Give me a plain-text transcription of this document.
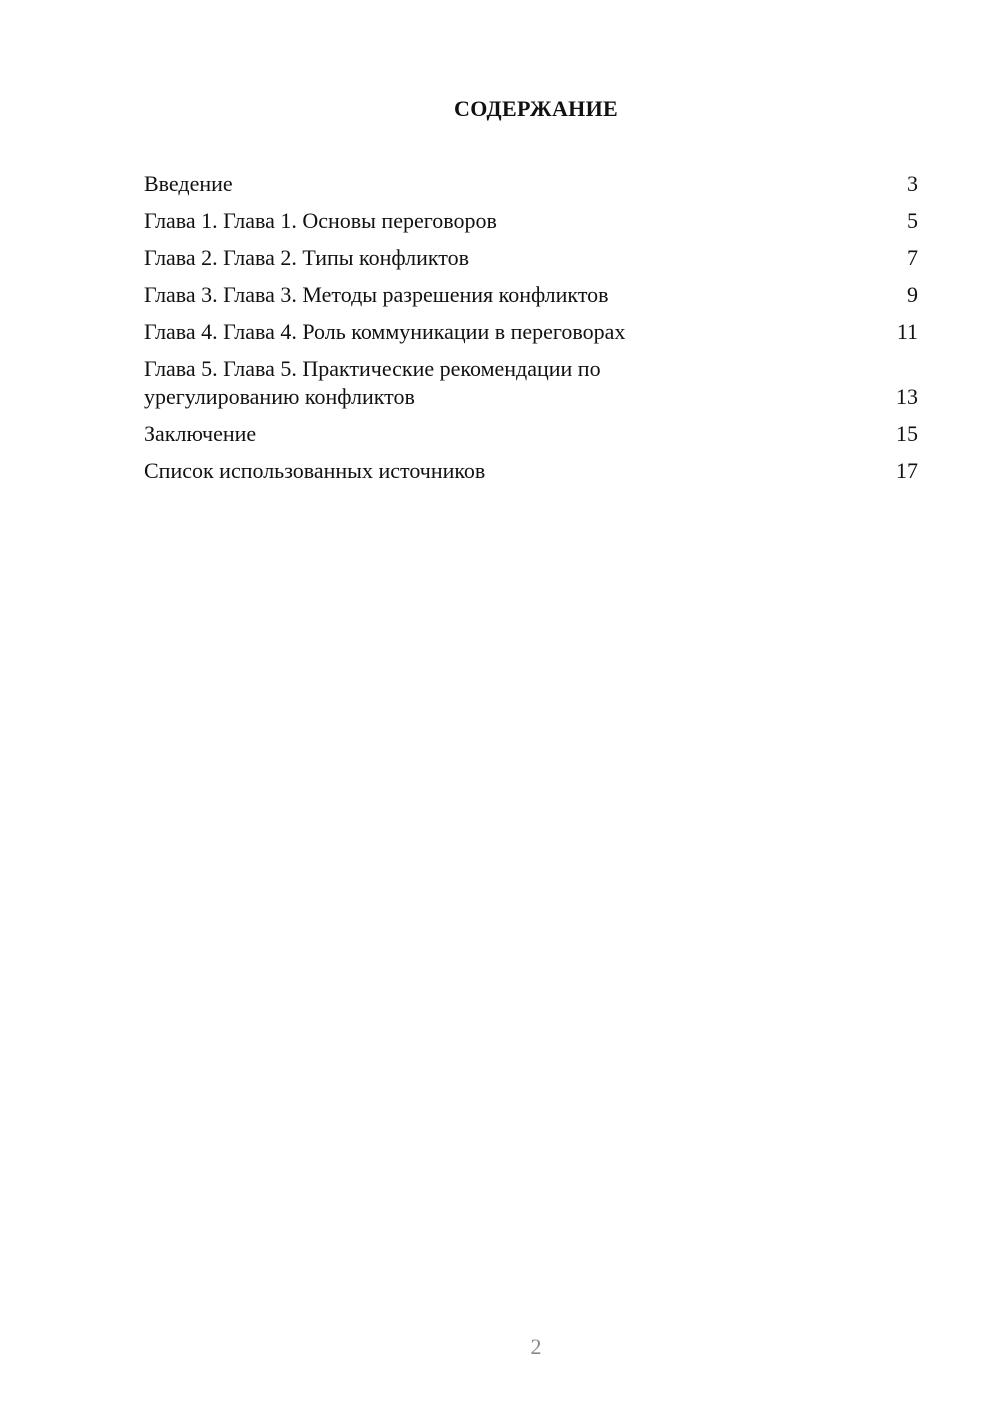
СОДЕРЖАНИЕ
Введение	3
Глава 1. Глава 1. Основы переговоров	5
Глава 2. Глава 2. Типы конфликтов	7
Глава 3. Глава 3. Методы разрешения конфликтов	9
Глава 4. Глава 4. Роль коммуникации в переговорах	11
Глава 5. Глава 5. Практические рекомендации по урегулированию конфликтов	13
Заключение	15
Список использованных источников	17
2
